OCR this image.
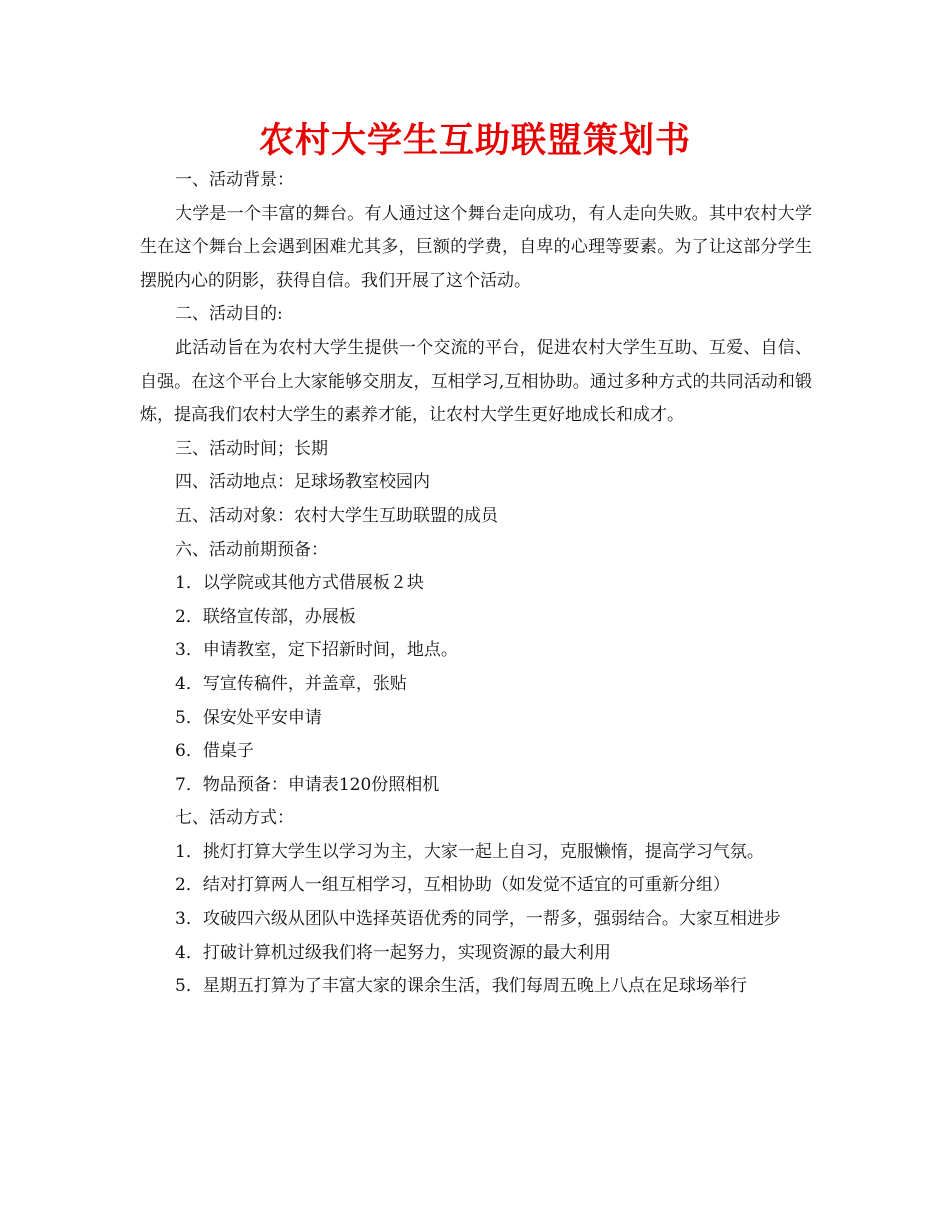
农村大学生互助联盟策划书

一、活动背景：

大学是一个丰富的舞台。有人通过这个舞台走向成功，有人走向失败。其中农村大学生在这个舞台上会遇到困难尤其多，巨额的学费，自卑的心理等要素。为了让这部分学生摆脱内心的阴影，获得自信。我们开展了这个活动。

二、活动目的:

此活动旨在为农村大学生提供一个交流的平台，促进农村大学生互助、互爱、自信、自强。在这个平台上大家能够交朋友，互相学习,互相协助。通过多种方式的共同活动和锻炼，提高我们农村大学生的素养才能，让农村大学生更好地成长和成才。

三、活动时间；长期

四、活动地点：足球场教室校园内

五、活动对象：农村大学生互助联盟的成员

六、活动前期预备：

1．以学院或其他方式借展板２块

2．联络宣传部，办展板

3．申请教室，定下招新时间，地点。

4．写宣传稿件，并盖章，张贴

5．保安处平安申请

6．借桌子

7．物品预备：申请表120份照相机

七、活动方式：

1．挑灯打算大学生以学习为主，大家一起上自习，克服懒惰，提高学习气氛。

2．结对打算两人一组互相学习，互相协助（如发觉不适宜的可重新分组）

3．攻破四六级从团队中选择英语优秀的同学，一帮多，强弱结合。大家互相进步

4．打破计算机过级我们将一起努力，实现资源的最大利用

5．星期五打算为了丰富大家的课余生活，我们每周五晚上八点在足球场举行
